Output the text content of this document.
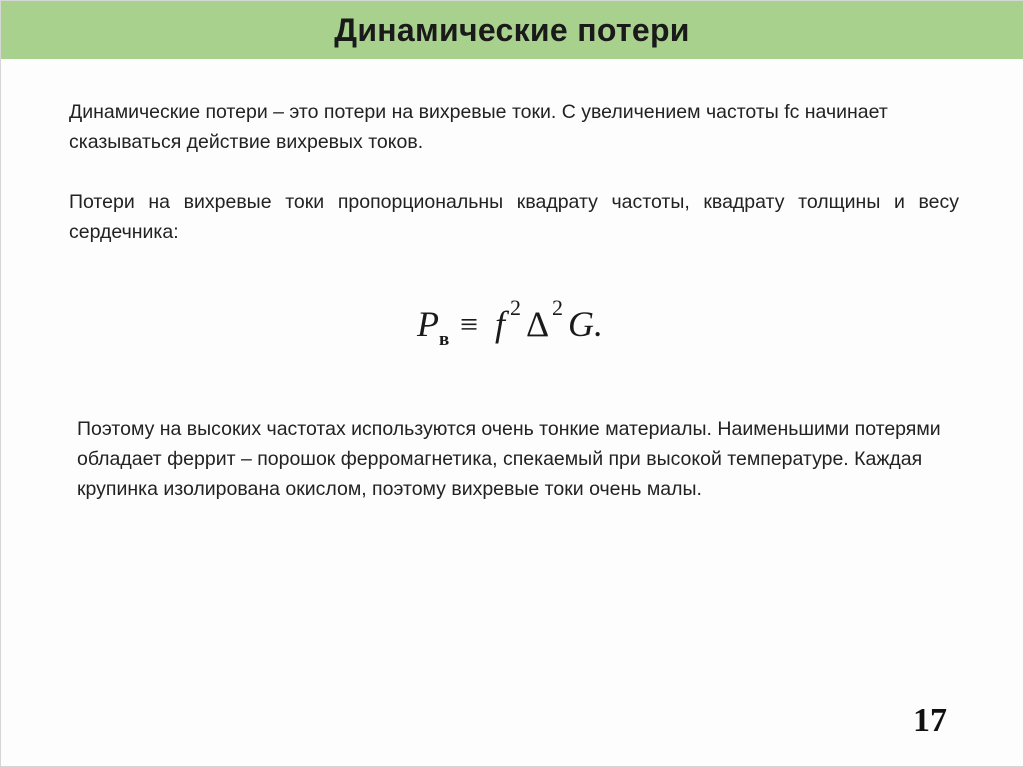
Динамические потери

Динамические потери – это потери на вихревые токи. С увеличением частоты fc начинает сказываться действие вихревых токов.

Потери на вихревые токи пропорциональны квадрату частоты, квадрату толщины и весу сердечника:

P в ≡ f 2 Δ 2 G.

Поэтому на высоких частотах используются очень тонкие материалы. Наименьшими потерями обладает феррит – порошок ферромагнетика, спекаемый при высокой температуре. Каждая крупинка изолирована окислом, поэтому вихревые токи очень малы.

17
